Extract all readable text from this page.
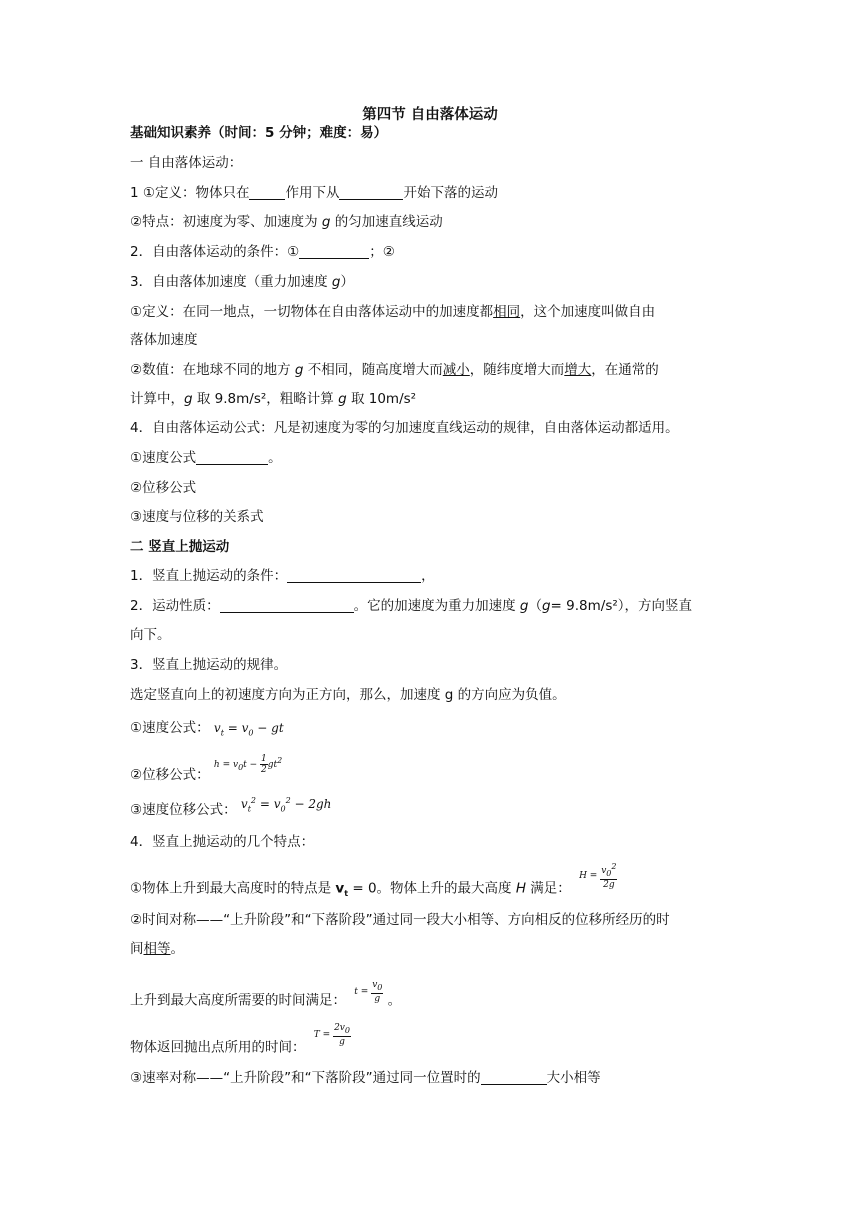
第四节 自由落体运动
基础知识素养（时间：5 分钟；难度：易）
一 自由落体运动：
1 ①定义：物体只在	作用下从	开始下落的运动
②特点：初速度为零、加速度为 g 的匀加速直线运动
2．自由落体运动的条件：①	；②
3．自由落体加速度（重力加速度 g）
①定义：在同一地点，一切物体在自由落体运动中的加速度都相同，这个加速度叫做自由
落体加速度
②数值：在地球不同的地方 g 不相同，随高度增大而减小，随纬度增大而增大，在通常的
计算中，g 取 9.8m/s²，粗略计算 g 取 10m/s²
4．自由落体运动公式：凡是初速度为零的匀加速度直线运动的规律，自由落体运动都适用。
①速度公式	。
②位移公式
③速度与位移的关系式
二 竖直上抛运动
1．竖直上抛运动的条件：	，
2．运动性质：	。它的加速度为重力加速度 g（g= 9.8m/s²），方向竖直
向下。
3．竖直上抛运动的规律。
选定竖直向上的初速度方向为正方向，那么，加速度 g 的方向应为负值。
①速度公式： $v_t = v_0$ − gt
②位移公式： $^{h = v_0t - \frac{1}{2} gt^2}$
③速度位移公式： $v_t^2 = v_0^2 - 2gh$
4．竖直上抛运动的几个特点：
①物体上升到最大高度时的特点是 $v_t = 0$。物体上升的最大高度 H 满足： $^{H = \frac{v_0^2}{2g}}$
②时间对称——“上升阶段”和“下落阶段”通过同一段大小相等、方向相反的位移所经历的时
间相等。
上升到最大高度所需要的时间满足： $^{t = \frac{v_0}{g}}$ 。
物体返回抛出点所用的时间： $^{T = \frac{2v_0}{g}}$
③速率对称——“上升阶段”和“下落阶段”通过同一位置时的	大小相等
